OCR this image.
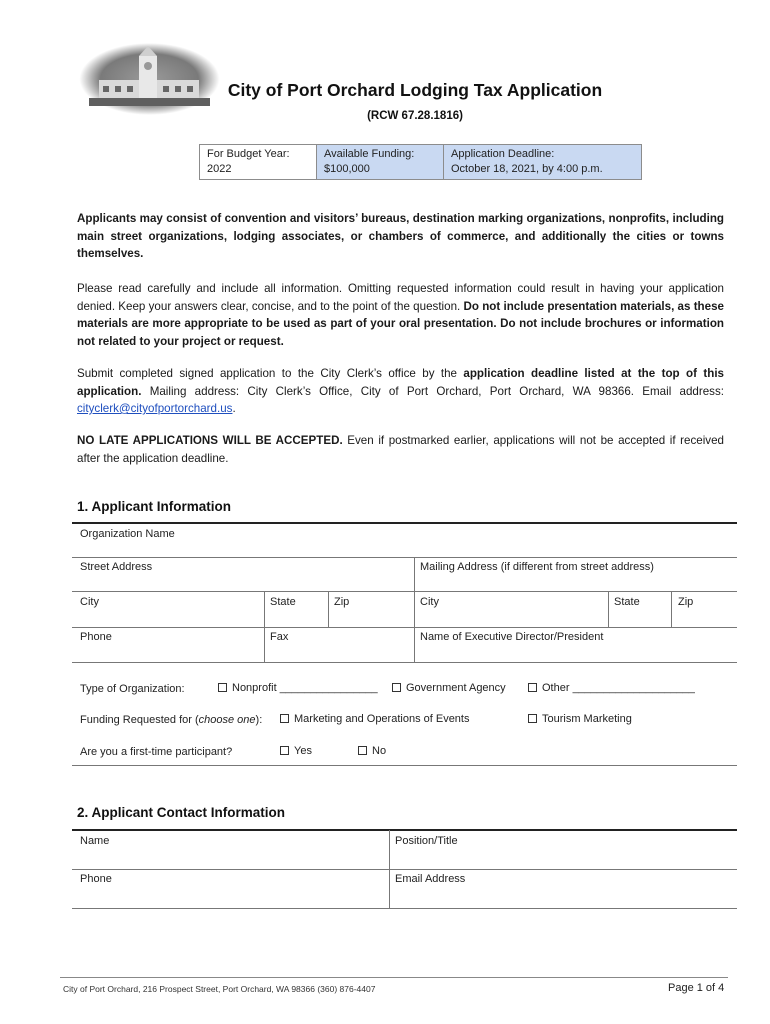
City of Port Orchard Lodging Tax Application
(RCW 67.28.1816)
For Budget Year:
2022
Available Funding:
$100,000
Application Deadline:
October 18, 2021, by 4:00 p.m.

Applicants may consist of convention and visitors’ bureaus, destination marking organizations, nonprofits, including main street organizations, lodging associates, or chambers of commerce, and additionally the cities or towns themselves.

Please read carefully and include all information. Omitting requested information could result in having your application denied. Keep your answers clear, concise, and to the point of the question. Do not include presentation materials, as these materials are more appropriate to be used as part of your oral presentation. Do not include brochures or information not related to your project or request.

Submit completed signed application to the City Clerk’s office by the application deadline listed at the top of this application. Mailing address: City Clerk’s Office, City of Port Orchard, Port Orchard, WA 98366. Email address: cityclerk@cityofportorchard.us.

NO LATE APPLICATIONS WILL BE ACCEPTED. Even if postmarked earlier, applications will not be accepted if received after the application deadline.

1. Applicant Information
Organization Name
Street Address	Mailing Address (if different from street address)
City	State	Zip	City	State	Zip
Phone	Fax	Name of Executive Director/President
Type of Organization:	Nonprofit ________________	Government Agency	Other ____________________
Funding Requested for (choose one):	Marketing and Operations of Events	Tourism Marketing
Are you a first-time participant?	Yes	No
2. Applicant Contact Information
Name	Position/Title
Phone	Email Address
City of Port Orchard, 216 Prospect Street, Port Orchard, WA 98366 (360) 876-4407	Page 1 of 4
